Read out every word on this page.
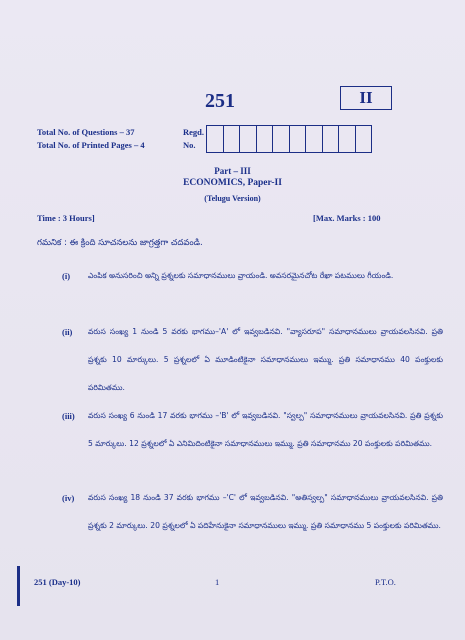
251	II
Total No. of Questions – 37
Total No. of Printed Pages – 4
Regd.
No.
Part – III
ECONOMICS, Paper-II
(Telugu Version)
Time : 3 Hours]	[Max. Marks : 100
గమనిక : ఈ క్రింది సూచనలను జాగ్రత్తగా చదవండి.
(i) ఎంపిక అనుసరించి అన్ని ప్రశ్నలకు సమాధానములు వ్రాయండి. అవసరమైనచోట రేఖా పటములు గీయండి.
(ii) వరుస సంఖ్య 1 నుండి 5 వరకు భాగము–'A' లో ఇవ్వబడినవి. "వ్యాసరూప" సమాధానములు వ్రాయవలసినవి. ప్రతి ప్రశ్నకు 10 మార్కులు. 5 ప్రశ్నలలో ఏ మూడింటికైనా సమాధానములు ఇమ్ము. ప్రతి సమాధానము 40 పంక్తులకు పరిమితము.
(iii) వరుస సంఖ్య 6 నుండి 17 వరకు భాగము –'B' లో ఇవ్వబడినవి. "స్వల్ప" సమాధానములు వ్రాయవలసినవి. ప్రతి ప్రశ్నకు 5 మార్కులు. 12 ప్రశ్నలలో ఏ ఎనిమిదింటికైనా సమాధానములు ఇమ్ము. ప్రతి సమాధానము 20 పంక్తులకు పరిమితము.
(iv) వరుస సంఖ్య 18 నుండి 37 వరకు భాగము –'C' లో ఇవ్వబడినవి. "అతిస్వల్ప" సమాధానములు వ్రాయవలసినవి. ప్రతి ప్రశ్నకు 2 మార్కులు. 20 ప్రశ్నలలో ఏ పదిహేనుకైనా సమాధానములు ఇమ్ము. ప్రతి సమాధానము 5 పంక్తులకు పరిమితము.
251 (Day-10)	1	P.T.O.
